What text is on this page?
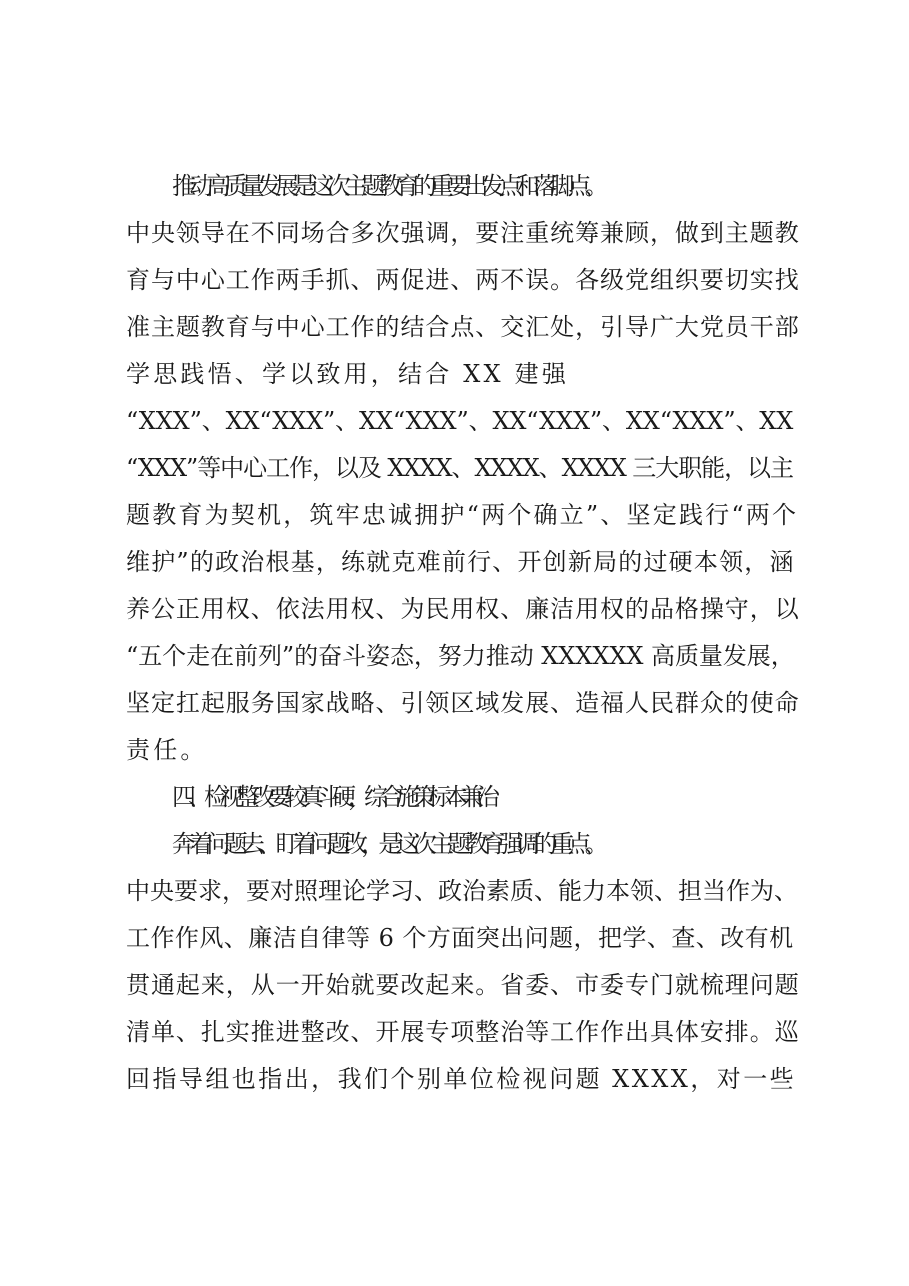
推动高质量发展是这次主题教育的重要出发点和落脚点。
中央领导在不同场合多次强调，要注重统筹兼顾，做到主题教
育与中心工作两手抓、两促进、两不误。各级党组织要切实找
准主题教育与中心工作的结合点、交汇处，引导广大党员干部
学思践悟、学以致用，结合 XX 建强
“XXX”、XX“XXX”、XX“XXX”、XX“XXX”、XX“XXX”、XX
“XXX”等中心工作，以及 XXXX、XXXX、XXXX 三大职能，以主
题教育为契机，筑牢忠诚拥护“两个确立”、坚定践行“两个
维护”的政治根基，练就克难前行、开创新局的过硬本领，涵
养公正用权、依法用权、为民用权、廉洁用权的品格操守，以
“五个走在前列”的奋斗姿态，努力推动 XXXXXX 高质量发展，
坚定扛起服务国家战略、引领区域发展、造福人民群众的使命
责任。
四、检视整改要较真斗硬，综合施策标本兼治
奔着问题去、盯着问题改，是这次主题教育强调的重点。
中央要求，要对照理论学习、政治素质、能力本领、担当作为、
工作作风、廉洁自律等 6 个方面突出问题，把学、查、改有机
贯通起来，从一开始就要改起来。省委、市委专门就梳理问题
清单、扎实推进整改、开展专项整治等工作作出具体安排。巡
回指导组也指出，我们个别单位检视问题 XXXX，对一些
